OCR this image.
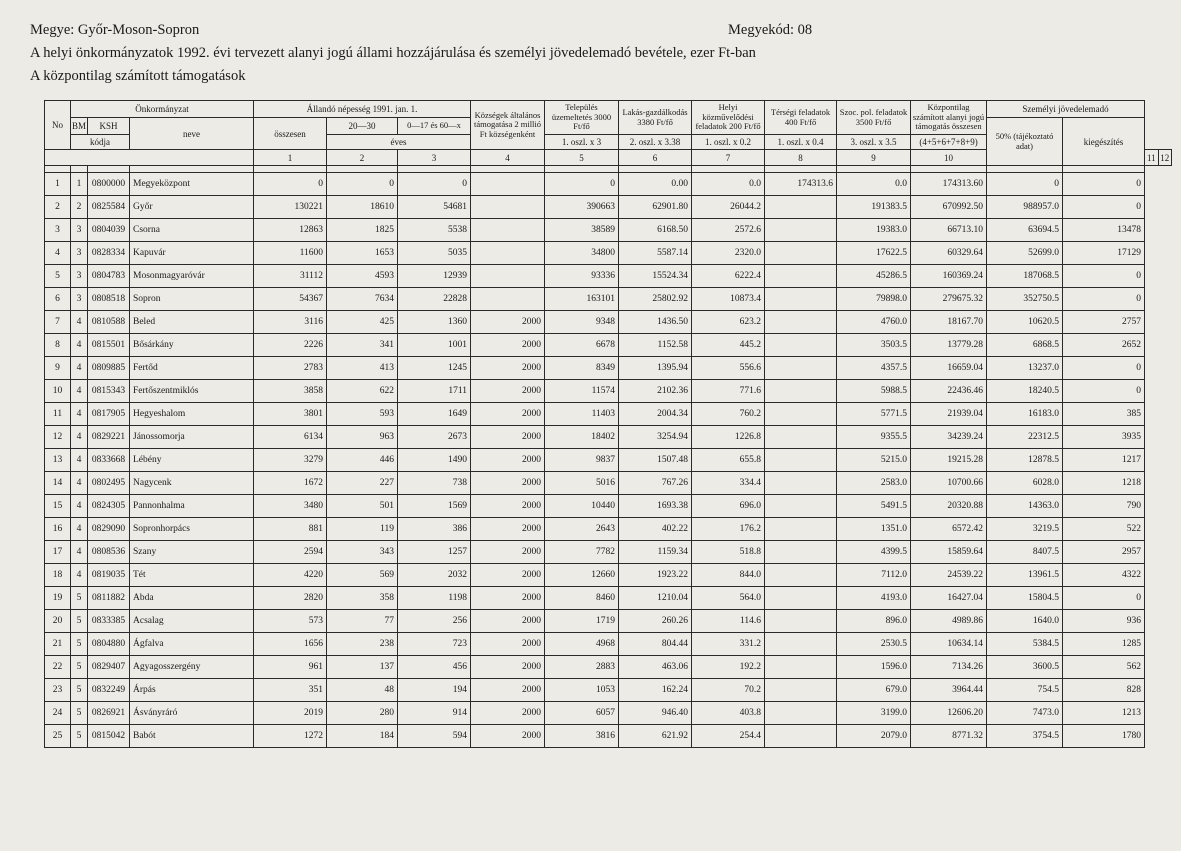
Megye: Győr-Moson-Sopron	Megyekód: 08
A helyi önkormányzatok 1992. évi tervezett alanyi jogú állami hozzájárulása és személyi jövedelemadó bevétele, ezer Ft-ban
A központilag számított támogatások
No	Önkormányzat			Állandó népesség 1991. jan. 1.			Községek általános támogatása 2 millió Ft községenként	Település üzemeltetés 3000 Ft/fő	Lakás-gazdálkodás 3380 Ft/fő	Helyi közművelődési feladatok 200 Ft/fő	Térségi feladatok 400 Ft/fő	Szoc. pol. feladatok 3500 Ft/fő	Központilag számított alanyi jogú támogatás összesen	Személyi jövedelemadó			
	BM	KSH	neve	összesen	20—30	0—17 és 60—x								50% (tájékoztató adat)	kiegészítés		
	kódja				éves			1. oszl. x 3	2. oszl. x 3.38	1. oszl. x 0.2	1. oszl. x 0.4	3. oszl. x 3.5	(4+5+6+7+8+9)				
				1	2	3	4	5	6	7	8	9	10			11	12

1	1	0800000	Megyeközpont	0	0	0		0	0.00	0.0	174313.6	0.0	174313.60	0	0		
2	2	0825584	Győr	130221	18610	54681		390663	62901.80	26044.2		191383.5	670992.50	988957.0	0		
3	3	0804039	Csorna	12863	1825	5538		38589	6168.50	2572.6		19383.0	66713.10	63694.5	13478		
4	3	0828334	Kapuvár	11600	1653	5035		34800	5587.14	2320.0		17622.5	60329.64	52699.0	17129		
5	3	0804783	Mosonmagyaróvár	31112	4593	12939		93336	15524.34	6222.4		45286.5	160369.24	187068.5	0		
6	3	0808518	Sopron	54367	7634	22828		163101	25802.92	10873.4		79898.0	279675.32	352750.5	0		
7	4	0810588	Beled	3116	425	1360	2000	9348	1436.50	623.2		4760.0	18167.70	10620.5	2757		
8	4	0815501	Bősárkány	2226	341	1001	2000	6678	1152.58	445.2		3503.5	13779.28	6868.5	2652		
9	4	0809885	Fertőd	2783	413	1245	2000	8349	1395.94	556.6		4357.5	16659.04	13237.0	0		
10	4	0815343	Fertőszentmiklós	3858	622	1711	2000	11574	2102.36	771.6		5988.5	22436.46	18240.5	0		
11	4	0817905	Hegyeshalom	3801	593	1649	2000	11403	2004.34	760.2		5771.5	21939.04	16183.0	385		
12	4	0829221	Jánossomorja	6134	963	2673	2000	18402	3254.94	1226.8		9355.5	34239.24	22312.5	3935		
13	4	0833668	Lébény	3279	446	1490	2000	9837	1507.48	655.8		5215.0	19215.28	12878.5	1217		
14	4	0802495	Nagycenk	1672	227	738	2000	5016	767.26	334.4		2583.0	10700.66	6028.0	1218		
15	4	0824305	Pannonhalma	3480	501	1569	2000	10440	1693.38	696.0		5491.5	20320.88	14363.0	790		
16	4	0829090	Sopronhorpács	881	119	386	2000	2643	402.22	176.2		1351.0	6572.42	3219.5	522		
17	4	0808536	Szany	2594	343	1257	2000	7782	1159.34	518.8		4399.5	15859.64	8407.5	2957		
18	4	0819035	Tét	4220	569	2032	2000	12660	1923.22	844.0		7112.0	24539.22	13961.5	4322		
19	5	0811882	Abda	2820	358	1198	2000	8460	1210.04	564.0		4193.0	16427.04	15804.5	0		
20	5	0833385	Acsalag	573	77	256	2000	1719	260.26	114.6		896.0	4989.86	1640.0	936		
21	5	0804880	Ágfalva	1656	238	723	2000	4968	804.44	331.2		2530.5	10634.14	5384.5	1285		
22	5	0829407	Agyagosszergény	961	137	456	2000	2883	463.06	192.2		1596.0	7134.26	3600.5	562		
23	5	0832249	Árpás	351	48	194	2000	1053	162.24	70.2		679.0	3964.44	754.5	828		
24	5	0826921	Ásványráró	2019	280	914	2000	6057	946.40	403.8		3199.0	12606.20	7473.0	1213		
25	5	0815042	Babót	1272	184	594	2000	3816	621.92	254.4		2079.0	8771.32	3754.5	1780		
